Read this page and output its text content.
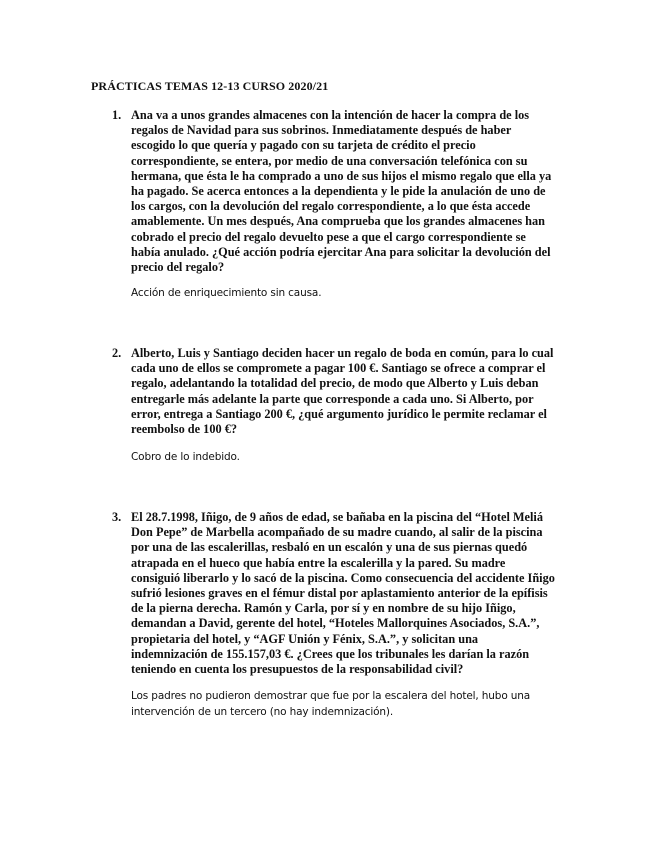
PRÁCTICAS TEMAS 12-13 CURSO 2020/21
1. Ana va a unos grandes almacenes con la intención de hacer la compra de los regalos de Navidad para sus sobrinos. Inmediatamente después de haber escogido lo que quería y pagado con su tarjeta de crédito el precio correspondiente, se entera, por medio de una conversación telefónica con su hermana, que ésta le ha comprado a uno de sus hijos el mismo regalo que ella ya ha pagado. Se acerca entonces a la dependienta y le pide la anulación de uno de los cargos, con la devolución del regalo correspondiente, a lo que ésta accede amablemente. Un mes después, Ana comprueba que los grandes almacenes han cobrado el precio del regalo devuelto pese a que el cargo correspondiente se había anulado. ¿Qué acción podría ejercitar Ana para solicitar la devolución del precio del regalo?

Acción de enriquecimiento sin causa.

2. Alberto, Luis y Santiago deciden hacer un regalo de boda en común, para lo cual cada uno de ellos se compromete a pagar 100 €. Santiago se ofrece a comprar el regalo, adelantando la totalidad del precio, de modo que Alberto y Luis deban entregarle más adelante la parte que corresponde a cada uno. Si Alberto, por error, entrega a Santiago 200 €, ¿qué argumento jurídico le permite reclamar el reembolso de 100 €?

Cobro de lo indebido.

3. El 28.7.1998, Iñigo, de 9 años de edad, se bañaba en la piscina del “Hotel Meliá Don Pepe” de Marbella acompañado de su madre cuando, al salir de la piscina por una de las escalerillas, resbaló en un escalón y una de sus piernas quedó atrapada en el hueco que había entre la escalerilla y la pared. Su madre consiguió liberarlo y lo sacó de la piscina. Como consecuencia del accidente Iñigo sufrió lesiones graves en el fémur distal por aplastamiento anterior de la epífisis de la pierna derecha. Ramón y Carla, por sí y en nombre de su hijo Iñigo, demandan a David, gerente del hotel, “Hoteles Mallorquines Asociados, S.A.”, propietaria del hotel, y “AGF Unión y Fénix, S.A.”, y solicitan una indemnización de 155.157,03 €. ¿Crees que los tribunales les darían la razón teniendo en cuenta los presupuestos de la responsabilidad civil?

Los padres no pudieron demostrar que fue por la escalera del hotel, hubo una intervención de un tercero (no hay indemnización).
